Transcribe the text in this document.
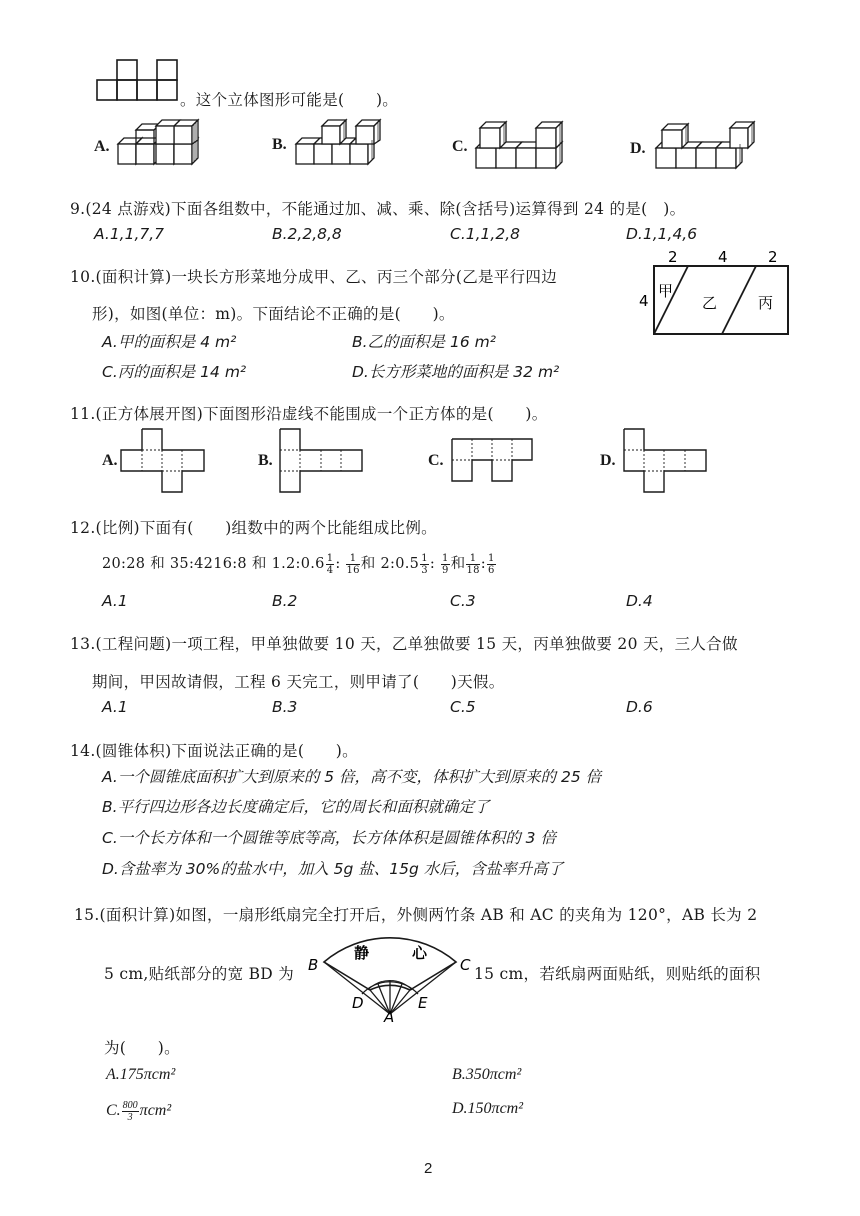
。这个立体图形可能是(　　)。
A.	B.	C.	D.
9.(24 点游戏)下面各组数中，不能通过加、减、乘、除(含括号)运算得到 24 的是(　)。
A.1,1,7,7	B.2,2,8,8	C.1,1,2,8	D.1,1,4,6
10.(面积计算)一块长方形菜地分成甲、乙、丙三个部分(乙是平行四边
形)，如图(单位：m)。下面结论不正确的是(　　)。
A.甲的面积是 4 m²	B.乙的面积是 16 m²
C.丙的面积是 14 m²	D.长方形菜地的面积是 32 m²
2	4	2
4
甲
乙	丙
11.(正方体展开图)下面图形沿虚线不能围成一个正方体的是(　　)。
A.	B.	C.	D.
12.(比例)下面有(　　)组数中的两个比能组成比例。
20:28 和 35:4216:8 和 1.2:0.6 $\frac{1}{4}$ : $\frac{1}{16}$ 和 2:0.5 $\frac{1}{3}$ : $\frac{1}{9}$ 和 $\frac{1}{18}$ : $\frac{1}{6}$
A.1	B.2	C.3	D.4
13.(工程问题)一项工程，甲单独做要 10 天，乙单独做要 15 天，丙单独做要 20 天，三人合做
期间，甲因故请假，工程 6 天完工，则甲请了(　　)天假。
A.1	B.3	C.5	D.6
14.(圆锥体积)下面说法正确的是(　　)。
A.一个圆锥底面积扩大到原来的 5 倍，高不变，体积扩大到原来的 25 倍
B.平行四边形各边长度确定后，它的周长和面积就确定了
C.一个长方体和一个圆锥等底等高，长方体体积是圆锥体积的 3 倍
D.含盐率为 30%的盐水中，加入 5g 盐、15g 水后，含盐率升高了
15.(面积计算)如图，一扇形纸扇完全打开后，外侧两竹条 AB 和 AC 的夹角为 120°，AB 长为 2
5 cm,贴纸部分的宽 BD 为	15 cm，若纸扇两面贴纸，则贴纸的面积
为(　　)。
静	心
B	C
D	E
A
A.175πcm²	B.350πcm²
C. $\frac{800}{3} \pi cm^2$	D.150πcm²
2
